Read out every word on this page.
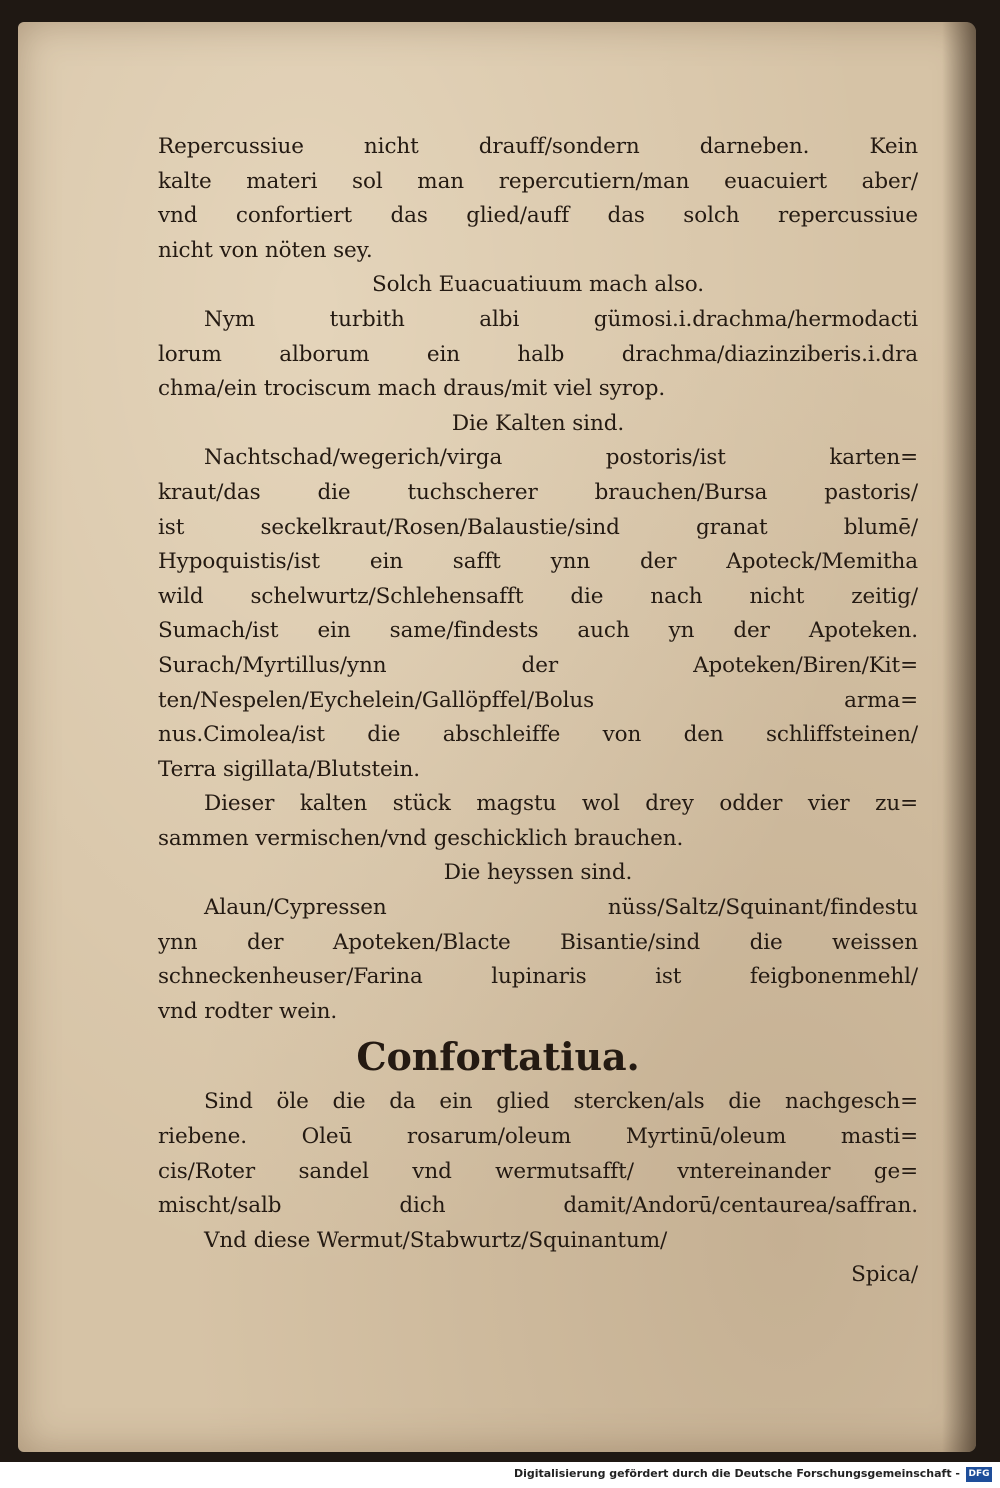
Repercussiue nicht drauff/sondern darneben. Kein
kalte materi sol man repercutiern/man euacuiert aber/
vnd confortiert das glied/auff das solch repercussiue
nicht von nöten sey.
Solch Euacuatiuum mach also.
Nym turbith albi gümosi.i.drachma/hermodacti
lorum alborum ein halb drachma/diazinziberis.i.dra
chma/ein trociscum mach draus/mit viel syrop.
Die Kalten sind.
Nachtschad/wegerich/virga postoris/ist karten=
kraut/das die tuchscherer brauchen/Bursa pastoris/
ist seckelkraut/Rosen/Balaustie/sind granat blumē/
Hypoquistis/ist ein safft ynn der Apoteck/Memitha
wild schelwurtz/Schlehensafft die nach nicht zeitig/
Sumach/ist ein same/findests auch yn der Apoteken.
Surach/Myrtillus/ynn der Apoteken/Biren/Kit=
ten/Nespelen/Eychelein/Gallöpffel/Bolus arma=
nus.Cimolea/ist die abschleiffe von den schliffsteinen/
Terra sigillata/Blutstein.
Dieser kalten stück magstu wol drey odder vier zu=
sammen vermischen/vnd geschicklich brauchen.
Die heyssen sind.
Alaun/Cypressen nüss/Saltz/Squinant/findestu
ynn der Apoteken/Blacte Bisantie/sind die weissen
schneckenheuser/Farina lupinaris ist feigbonenmehl/
vnd rodter wein.
Confortatiua.
Sind öle die da ein glied stercken/als die nachgesch=
riebene. Oleū rosarum/oleum Myrtinū/oleum masti=
cis/Roter sandel vnd wermutsafft/ vntereinander ge=
mischt/salb dich damit/Andorū/centaurea/saffran.
Vnd diese Wermut/Stabwurtz/Squinantum/
Spica/
Digitalisierung gefördert durch die Deutsche Forschungsgemeinschaft - DFG
